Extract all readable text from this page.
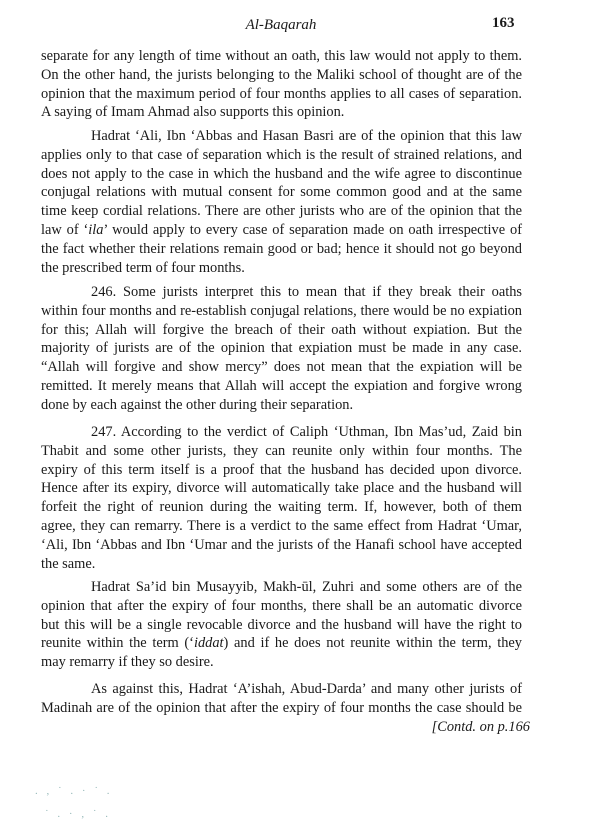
Al-Baqarah	163
separate for any length of time without an oath, this law would not apply to them.
On the other hand, the jurists belonging to the Maliki school of thought are of the
opinion that the maximum period of four months applies to all cases of separation.
A saying of Imam Ahmad also supports this opinion.
Hadrat ‘Ali, Ibn ‘Abbas and Hasan Basri are of the opinion that this law
applies only to that case of separation which is the result of strained relations, and
does not apply to the case in which the husband and the wife agree to discontinue
conjugal relations with mutual consent for some common good and at the same
time keep cordial relations. There are other jurists who are of the opinion that the
law of ‘ila’ would apply to every case of separation made on oath irrespective of
the fact whether their relations remain good or bad; hence it should not go beyond
the prescribed term of four months.
246. Some jurists interpret this to mean that if they break their oaths
within four months and re-establish conjugal relations, there would be no expiation
for this; Allah will forgive the breach of their oath without expiation. But the
majority of jurists are of the opinion that expiation must be made in any case.
“Allah will forgive and show mercy” does not mean that the expiation will be
remitted. It merely means that Allah will accept the expiation and forgive wrong
done by each against the other during their separation.
247. According to the verdict of Caliph ‘Uthman, Ibn Mas’ud, Zaid bin
Thabit and some other jurists, they can reunite only within four months. The
expiry of this term itself is a proof that the husband has decided upon divorce.
Hence after its expiry, divorce will automatically take place and the husband will
forfeit the right of reunion during the waiting term. If, however, both of them
agree, they can remarry. There is a verdict to the same effect from Hadrat ‘Umar,
‘Ali, Ibn ‘Abbas and Ibn ‘Umar and the jurists of the Hanafi school have accepted
the same.
Hadrat Sa’id bin Musayyib, Makh-ūl, Zuhri and some others are of the
opinion that after the expiry of four months, there shall be an automatic divorce
but this will be a single revocable divorce and the husband will have the right to
reunite within the term (‘iddat) and if he does not reunite within the term, they
may remarry if they so desire.
As against this, Hadrat ‘A’ishah, Abud-Darda’ and many other jurists of
Madinah are of the opinion that after the expiry of four months the case should be
[Contd. on p.166
. , ˙ . · ˙ .
˙ . · , ˙ .
